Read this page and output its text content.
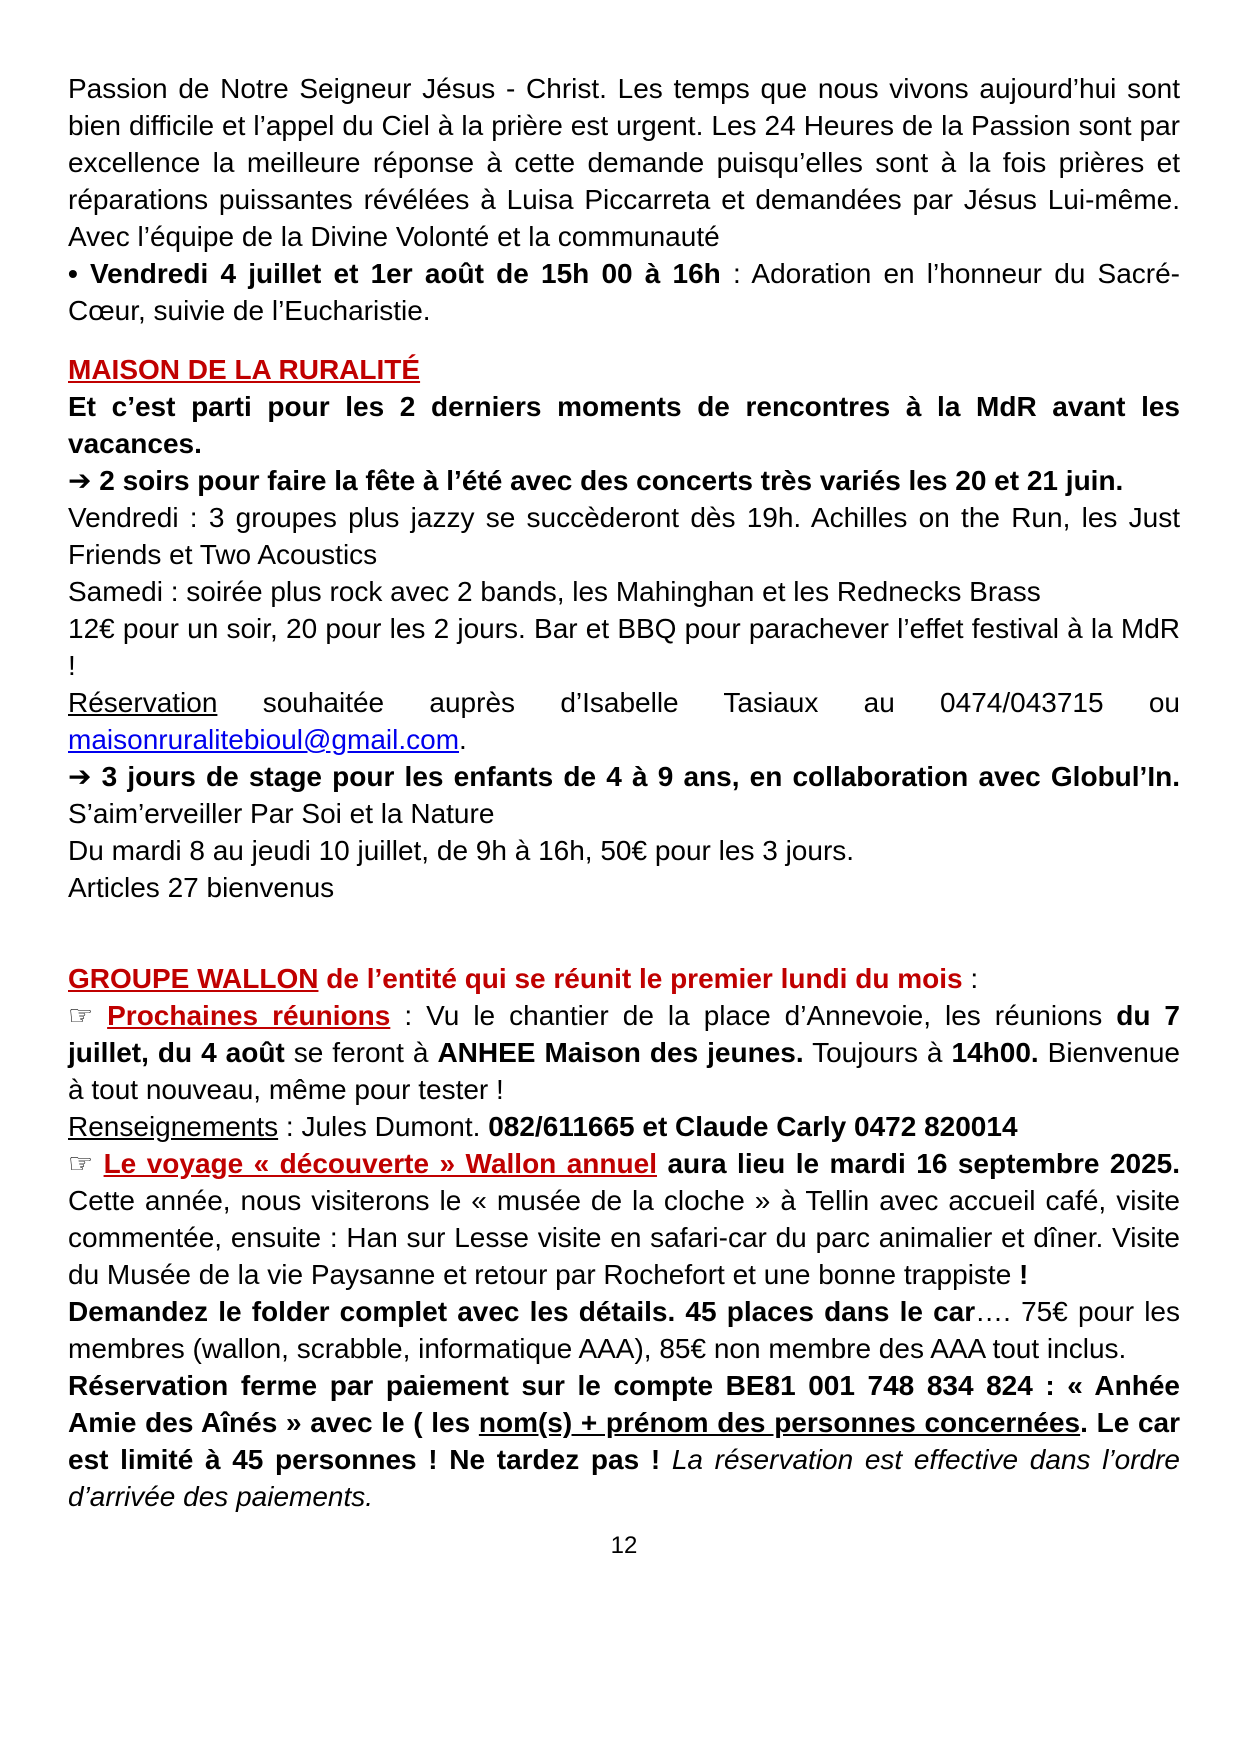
Passion de Notre Seigneur Jésus - Christ. Les temps que nous vivons aujourd’hui sont bien difficile et l’appel du Ciel à la prière est urgent. Les 24 Heures de la Passion sont par excellence la meilleure réponse à cette demande puisqu’elles sont à la fois prières et réparations puissantes révélées à Luisa Piccarreta et demandées par Jésus Lui-même. Avec l’équipe de la Divine Volonté et la communauté

• Vendredi 4 juillet et 1er août de 15h 00 à 16h : Adoration en l’honneur du Sacré-Cœur, suivie de l’Eucharistie.

MAISON DE LA RURALITÉ

Et c’est parti pour les 2 derniers moments de rencontres à la MdR avant les vacances.

➔ 2 soirs pour faire la fête à l’été avec des concerts très variés les 20 et 21 juin.

Vendredi : 3 groupes plus jazzy se succèderont dès 19h. Achilles on the Run, les Just Friends et Two Acoustics

Samedi : soirée plus rock avec 2 bands, les Mahinghan et les Rednecks Brass

12€ pour un soir, 20 pour les 2 jours. Bar et BBQ pour parachever l’effet festival à la MdR !

Réservation souhaitée auprès d’Isabelle Tasiaux au 0474/043715 ou maisonruralitebioul@gmail.com.

➔ 3 jours de stage pour les enfants de 4 à 9 ans, en collaboration avec Globul’In. S’aim’erveiller Par Soi et la Nature

Du mardi 8 au jeudi 10 juillet, de 9h à 16h, 50€ pour les 3 jours.

Articles 27 bienvenus

GROUPE WALLON de l’entité qui se réunit le premier lundi du mois :

☞ Prochaines réunions : Vu le chantier de la place d’Annevoie, les réunions du 7 juillet, du 4 août se feront à ANHEE Maison des jeunes. Toujours à 14h00. Bienvenue à tout nouveau, même pour tester !

Renseignements : Jules Dumont. 082/611665 et Claude Carly 0472 820014

☞ Le voyage « découverte » Wallon annuel aura lieu le mardi 16 septembre 2025. Cette année, nous visiterons le « musée de la cloche » à Tellin avec accueil café, visite commentée, ensuite : Han sur Lesse visite en safari-car du parc animalier et dîner. Visite du Musée de la vie Paysanne et retour par Rochefort et une bonne trappiste !

Demandez le folder complet avec les détails. 45 places dans le car…. 75€ pour les membres (wallon, scrabble, informatique AAA), 85€ non membre des AAA tout inclus.

Réservation ferme par paiement sur le compte BE81 001 748 834 824 : « Anhée Amie des Aînés » avec le ( les nom(s) + prénom des personnes concernées. Le car est limité à 45 personnes ! Ne tardez pas ! La réservation est effective dans l’ordre d’arrivée des paiements.

12
